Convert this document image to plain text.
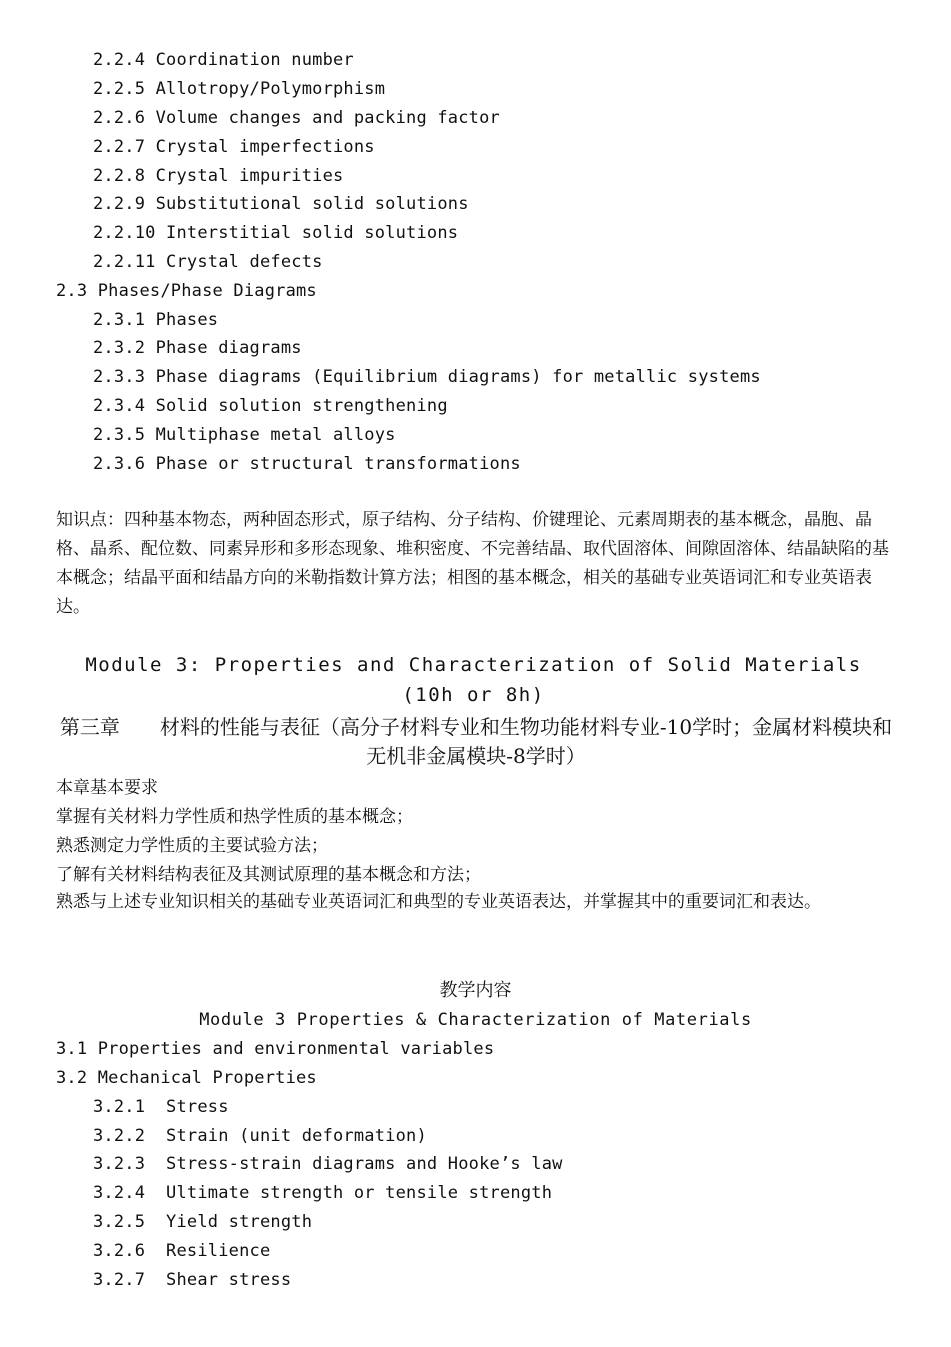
2.2.4 Coordination number
2.2.5 Allotropy/Polymorphism
2.2.6 Volume changes and packing factor
2.2.7 Crystal imperfections
2.2.8 Crystal impurities
2.2.9 Substitutional solid solutions
2.2.10 Interstitial solid solutions
2.2.11 Crystal defects
2.3 Phases/Phase Diagrams
2.3.1 Phases
2.3.2 Phase diagrams
2.3.3 Phase diagrams (Equilibrium diagrams) for metallic systems
2.3.4 Solid solution strengthening
2.3.5 Multiphase metal alloys
2.3.6 Phase or structural transformations
知识点：四种基本物态，两种固态形式，原子结构、分子结构、价键理论、元素周期表的基本概念，晶胞、晶格、晶系、配位数、同素异形和多形态现象、堆积密度、不完善结晶、取代固溶体、间隙固溶体、结晶缺陷的基本概念；结晶平面和结晶方向的米勒指数计算方法；相图的基本概念，相关的基础专业英语词汇和专业英语表达。
Module 3: Properties and Characterization of Solid Materials (10h or 8h)
第三章　　材料的性能与表征（高分子材料专业和生物功能材料专业-10学时；金属材料模块和无机非金属模块-8学时）
本章基本要求
掌握有关材料力学性质和热学性质的基本概念；
熟悉测定力学性质的主要试验方法；
了解有关材料结构表征及其测试原理的基本概念和方法；
熟悉与上述专业知识相关的基础专业英语词汇和典型的专业英语表达，并掌握其中的重要词汇和表达。
教学内容
Module 3 Properties & Characterization of Materials
3.1 Properties and environmental variables
3.2 Mechanical Properties
3.2.1  Stress
3.2.2  Strain (unit deformation)
3.2.3  Stress-strain diagrams and Hooke’s law
3.2.4  Ultimate strength or tensile strength
3.2.5  Yield strength
3.2.6  Resilience
3.2.7  Shear stress
